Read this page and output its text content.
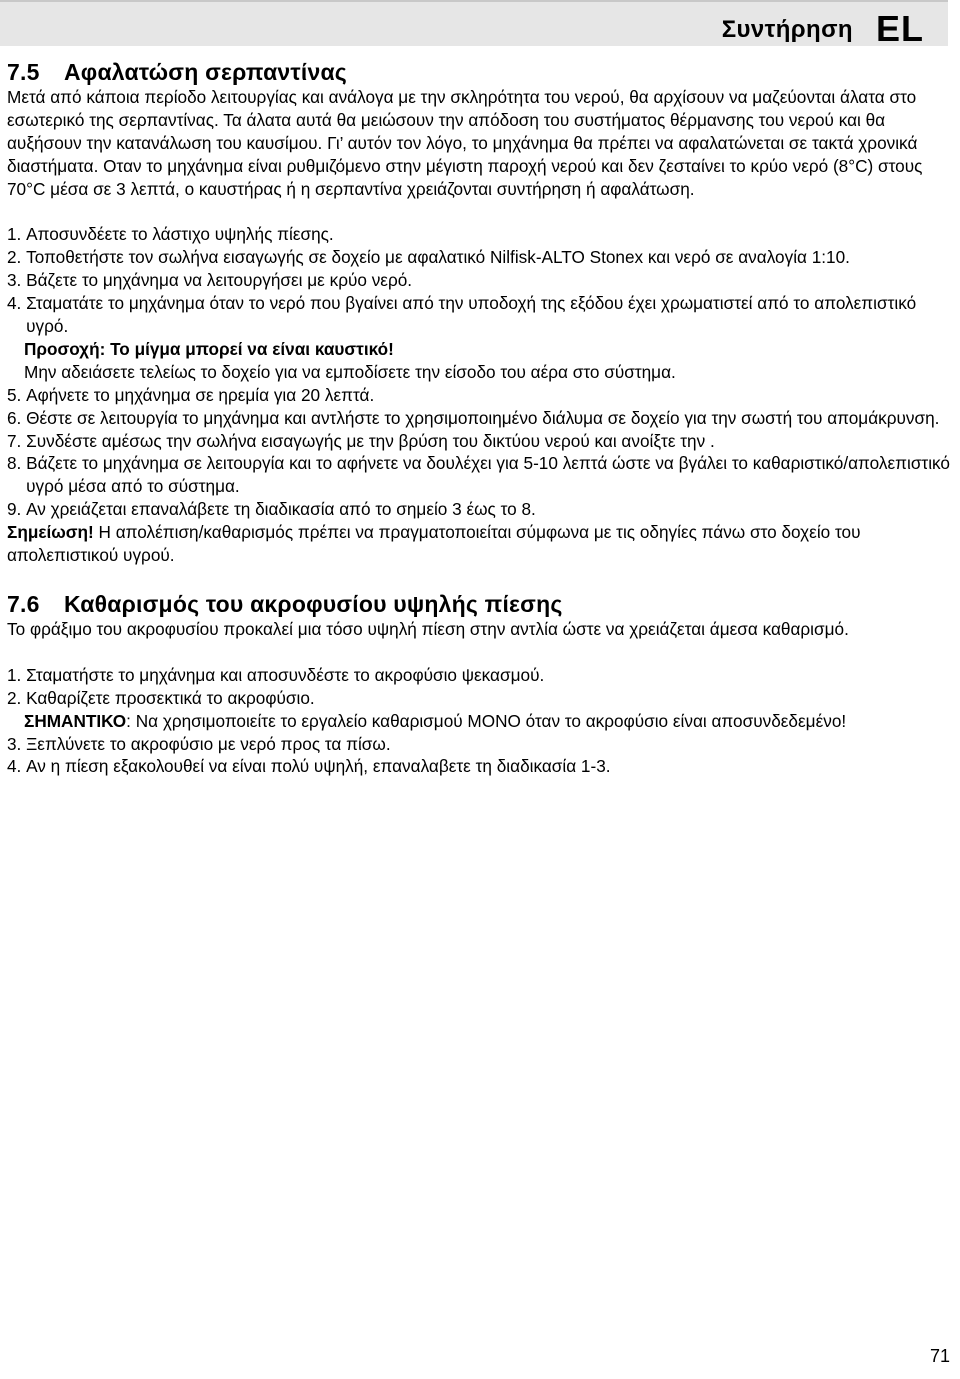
Συντήρηση EL
7.5 Αφαλατώση σερπαντίνας

Μετά από κάποια περίοδο λειτουργίας και ανάλογα με την σκληρότητα του νερού, θα αρχίσουν να μαζεύονται άλατα στο εσωτερικό της σερπαντίνας. Τα άλατα αυτά θα μειώσουν την απόδοση του συστήματος θέρμανσης του νερού και θα αυξήσουν την κατανάλωση του καυσίμου. Γι’ αυτόν τον λόγο, το μηχάνημα θα πρέπει να αφαλατώνεται σε τακτά χρονικά διαστήματα. Οταν το μηχάνημα είναι ρυθμιζόμενο στην μέγιστη παροχή νερού και δεν ζεσταίνει το κρύο νερό (8°C) στους 70°C μέσα σε 3 λεπτά, ο καυστήρας ή η σερπαντίνα χρειάζονται συντήρηση ή αφαλάτωση.

1. Αποσυνδέετε το λάστιχο υψηλής πίεσης.
2. Τοποθετήστε τον σωλήνα εισαγωγής σε δοχείο με αφαλατικό Nilfisk-ALTO Stonex και νερό σε αναλογία 1:10.
3. Βάζετε το μηχάνημα να λειτουργήσει με κρύο νερό.
4. Σταματάτε το μηχάνημα όταν το νερό που βγαίνει από την υποδοχή της εξόδου έχει χρωματιστεί από το απολεπιστικό υγρό.

Προσοχή: Το μίγμα μπορεί να είναι καυστικό!

Μην αδειάσετε τελείως το δοχείο για να εμποδίσετε την είσοδο του αέρα στο σύστημα.

5. Αφήνετε το μηχάνημα σε ηρεμία για 20 λεπτά.
6. Θέστε σε λειτουργία το μηχάνημα και αντλήστε το χρησιμοποιημένο διάλυμα σε δοχείο για την σωστή του απομάκρυνση.
7. Συνδέστε αμέσως την σωλήνα εισαγωγής με την βρύση του δικτύου νερού και ανοίξτε την .
8. Βάζετε το μηχάνημα σε λειτουργία και το αφήνετε να δουλέχει για 5-10 λεπτά ώστε να βγάλει το καθαριστικό/απολεπιστικό υγρό μέσα από το σύστημα.
9. Αν χρειάζεται επαναλάβετε τη διαδικασία από το σημείο 3 έως το 8.

Σημείωση! Η απολέπιση/καθαρισμός πρέπει να πραγματοποιείται σύμφωνα με τις οδηγίες πάνω στο δοχείο του απολεπιστικού υγρού.

7.6 Καθαρισμός του ακροφυσίου υψηλής πίεσης

Το φράξιμο του ακροφυσίου προκαλεί μια τόσο υψηλή πίεση στην αντλία ώστε να χρειάζεται άμεσα καθαρισμό.

1. Σταματήστε το μηχάνημα και αποσυνδέστε το ακροφύσιο ψεκασμού.
2. Καθαρίζετε προσεκτικά το ακροφύσιο.

ΣΗΜΑΝΤΙΚΟ: Να χρησιμοποιείτε το εργαλείο καθαρισμού ΜΟΝΟ όταν το ακροφύσιο είναι αποσυνδεδεμένο!

3. Ξεπλύνετε το ακροφύσιο με νερό προς τα πίσω.
4. Αν η πίεση εξακολουθεί να είναι πολύ υψηλή, επαναλαβετε τη διαδικασία 1-3.
71
